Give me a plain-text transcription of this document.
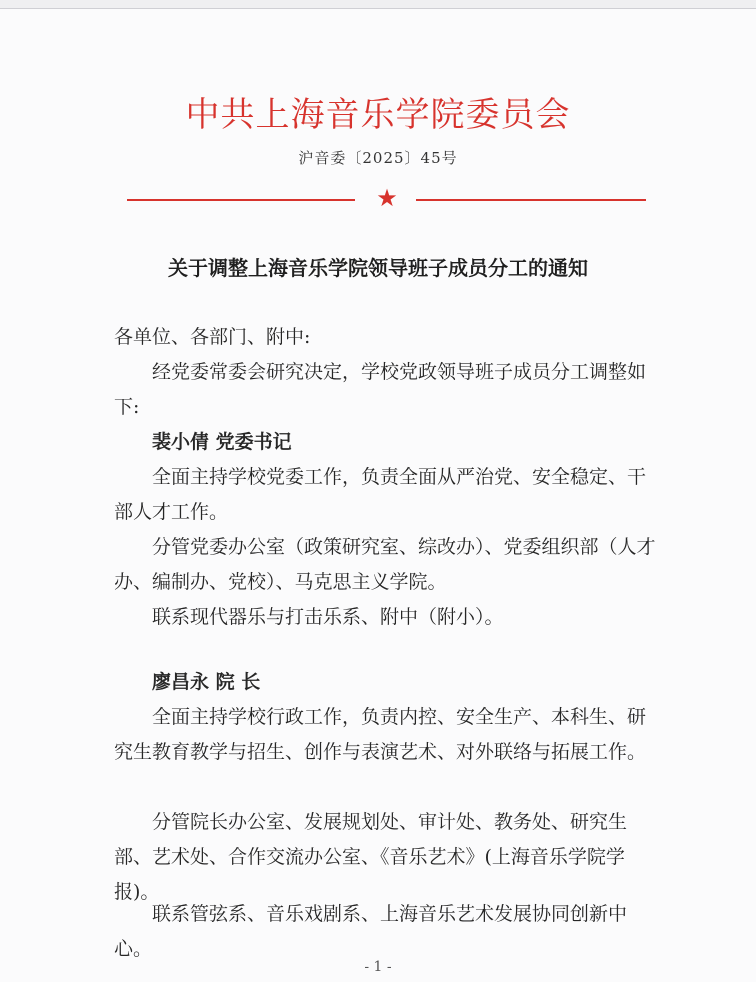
中共上海音乐学院委员会
沪音委〔2025〕45号
★
关于调整上海音乐学院领导班子成员分工的通知
各单位、各部门、附中:
经党委常委会研究决定，学校党政领导班子成员分工调整如下:
裴小倩 党委书记
全面主持学校党委工作，负责全面从严治党、安全稳定、干部人才工作。
分管党委办公室（政策研究室、综改办）、党委组织部（人才办、编制办、党校）、马克思主义学院。
联系现代器乐与打击乐系、附中（附小）。
廖昌永 院 长
全面主持学校行政工作，负责内控、安全生产、本科生、研究生教育教学与招生、创作与表演艺术、对外联络与拓展工作。
分管院长办公室、发展规划处、审计处、教务处、研究生部、艺术处、合作交流办公室、《音乐艺术》(上海音乐学院学报)。
联系管弦系、音乐戏剧系、上海音乐艺术发展协同创新中心。
- 1 -
